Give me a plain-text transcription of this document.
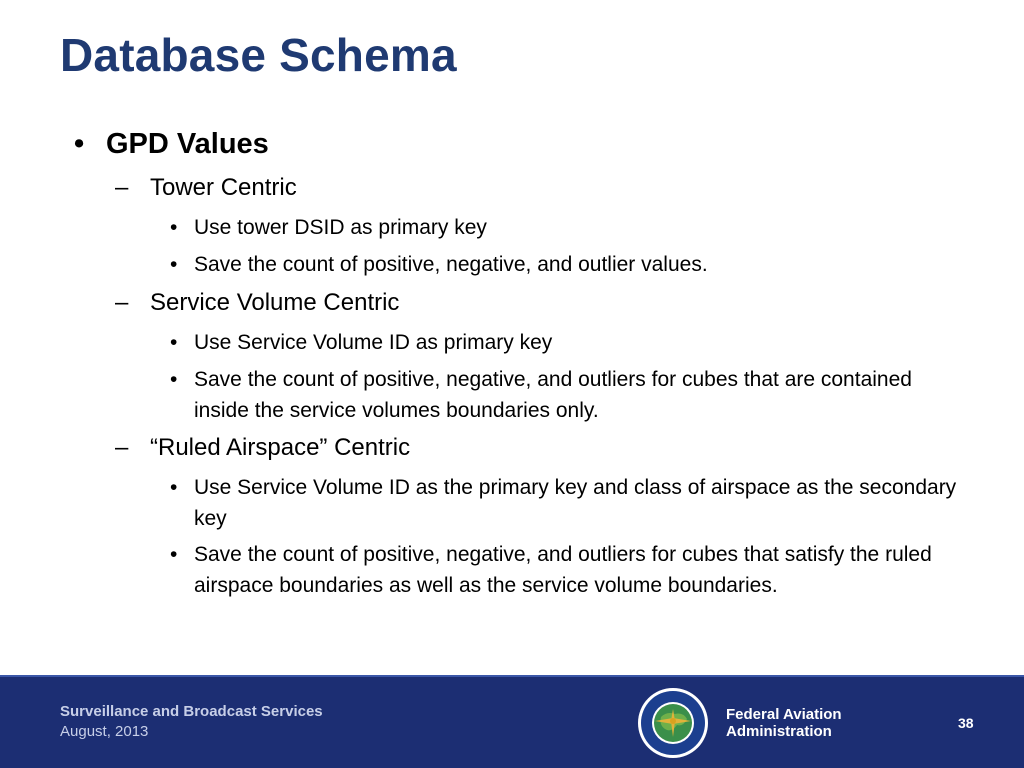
Database Schema
• GPD Values
– Tower Centric
• Use tower DSID as primary key
• Save the count of positive, negative, and outlier values.
– Service Volume Centric
• Use Service Volume ID as primary key
• Save the count of positive, negative, and outliers for cubes that are contained inside the service volumes boundaries only.
– “Ruled Airspace” Centric
• Use Service Volume ID as the primary key and class of airspace as the secondary key
• Save the count of positive, negative, and outliers for cubes that satisfy the ruled airspace boundaries as well as the service volume boundaries.
Surveillance and Broadcast Services
August, 2013
Federal Aviation
Administration	38
